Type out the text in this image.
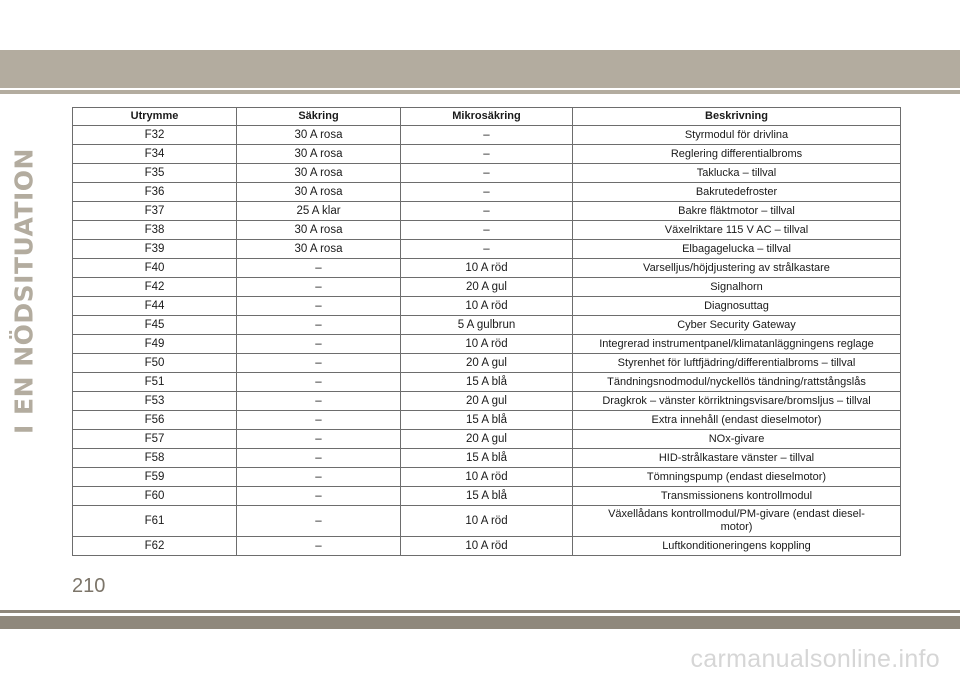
I EN NÖDSITUATION
Utrymme	Säkring	Mikrosäkring	Beskrivning
F32	30 A rosa	–	Styrmodul för drivlina
F34	30 A rosa	–	Reglering differentialbroms
F35	30 A rosa	–	Taklucka – tillval
F36	30 A rosa	–	Bakrutedefroster
F37	25 A klar	–	Bakre fläktmotor – tillval
F38	30 A rosa	–	Växelriktare 115 V AC – tillval
F39	30 A rosa	–	Elbagagelucka – tillval
F40	–	10 A röd	Varselljus/höjdjustering av strålkastare
F42	–	20 A gul	Signalhorn
F44	–	10 A röd	Diagnosuttag
F45	–	5 A gulbrun	Cyber Security Gateway
F49	–	10 A röd	Integrerad instrumentpanel/klimatanläggningens reglage
F50	–	20 A gul	Styrenhet för luftfjädring/differentialbroms – tillval
F51	–	15 A blå	Tändningsnodmodul/nyckellös tändning/rattstångslås
F53	–	20 A gul	Dragkrok – vänster körriktningsvisare/bromsljus – tillval
F56	–	15 A blå	Extra innehåll (endast dieselmotor)
F57	–	20 A gul	NOx-givare
F58	–	15 A blå	HID-strålkastare vänster – tillval
F59	–	10 A röd	Tömningspump (endast dieselmotor)
F60	–	15 A blå	Transmissionens kontrollmodul
F61	–	10 A röd	Växellådans kontrollmodul/PM-givare (endast diesel-
motor)
F62	–	10 A röd	Luftkonditioneringens koppling
210
carmanualsonline.info
